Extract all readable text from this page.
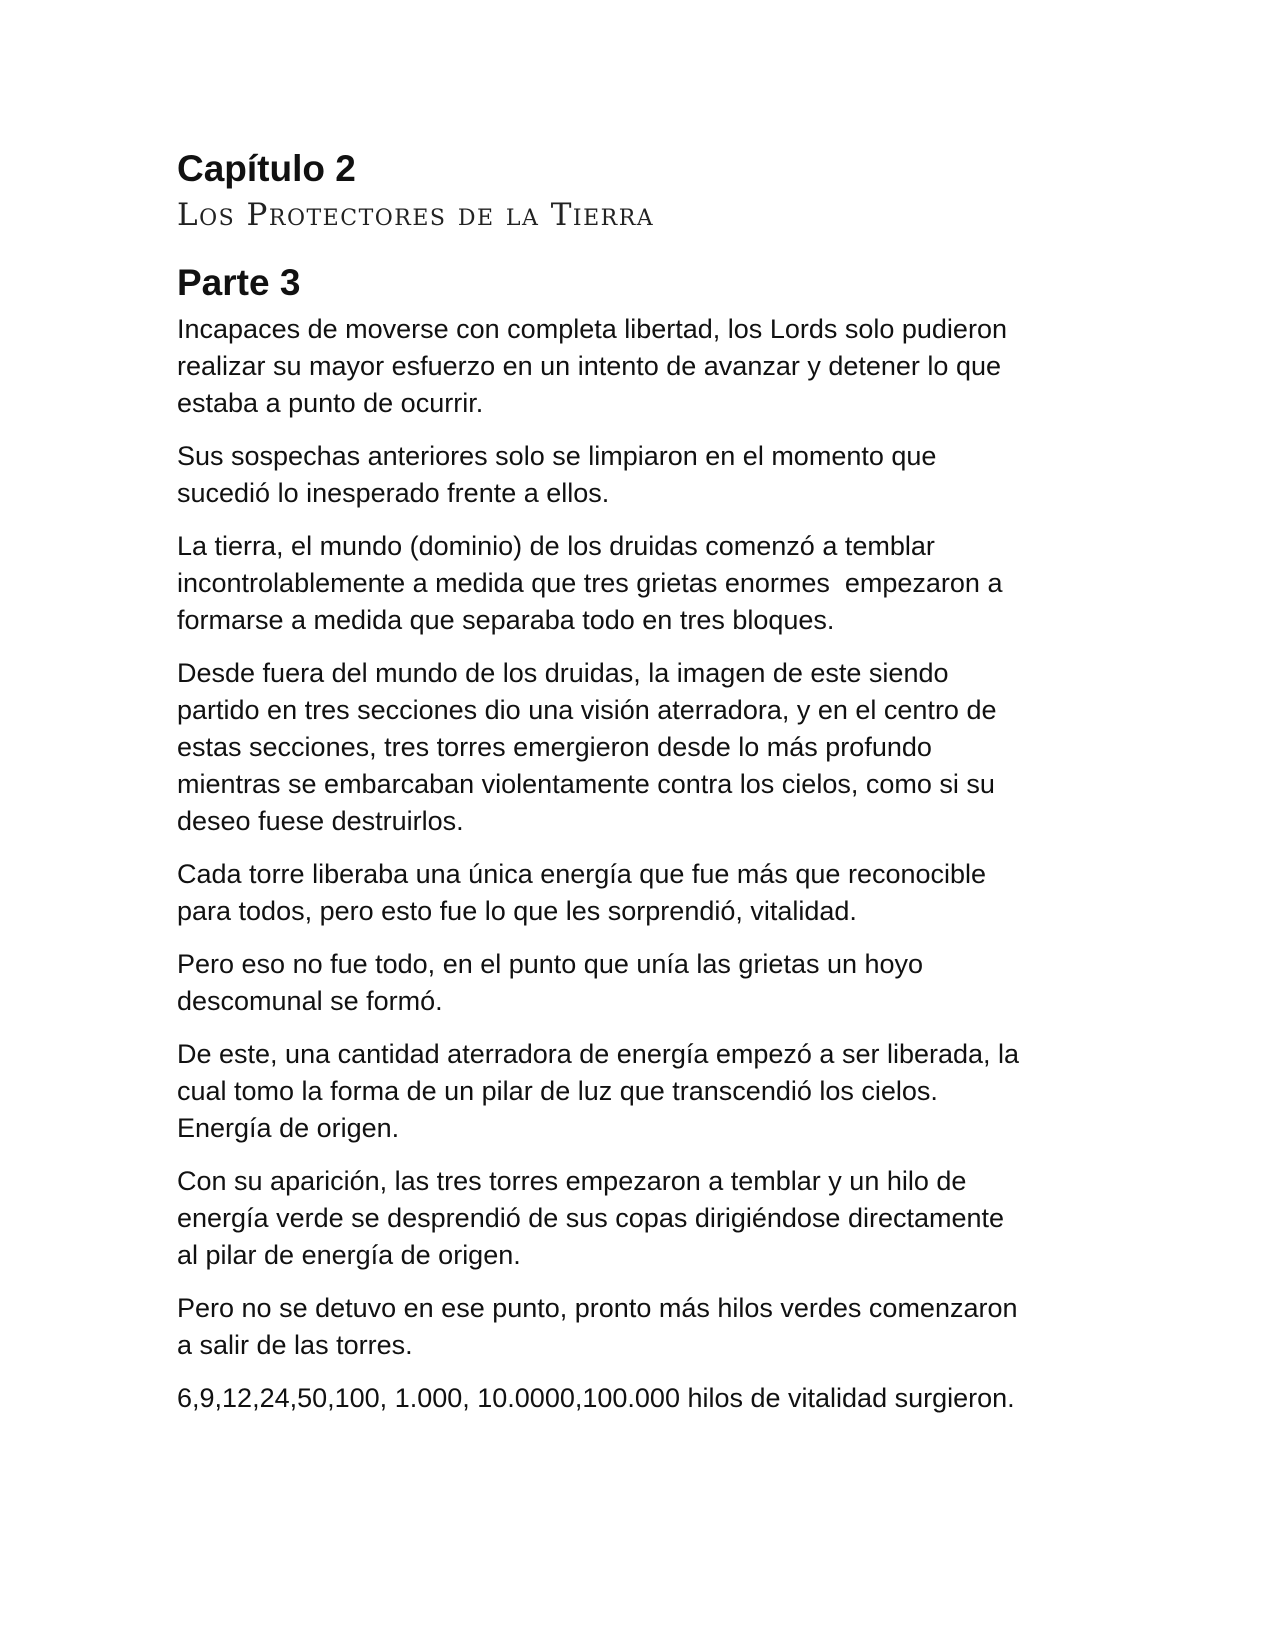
Capítulo 2
Los Protectores de la Tierra
Parte 3

Incapaces de moverse con completa libertad, los Lords solo pudieron
realizar su mayor esfuerzo en un intento de avanzar y detener lo que
estaba a punto de ocurrir.

Sus sospechas anteriores solo se limpiaron en el momento que
sucedió lo inesperado frente a ellos.

La tierra, el mundo (dominio) de los druidas comenzó a temblar
incontrolablemente a medida que tres grietas enormes  empezaron a
formarse a medida que separaba todo en tres bloques.

Desde fuera del mundo de los druidas, la imagen de este siendo
partido en tres secciones dio una visión aterradora, y en el centro de
estas secciones, tres torres emergieron desde lo más profundo
mientras se embarcaban violentamente contra los cielos, como si su
deseo fuese destruirlos.

Cada torre liberaba una única energía que fue más que reconocible
para todos, pero esto fue lo que les sorprendió, vitalidad.

Pero eso no fue todo, en el punto que unía las grietas un hoyo
descomunal se formó.

De este, una cantidad aterradora de energía empezó a ser liberada, la
cual tomo la forma de un pilar de luz que transcendió los cielos.
Energía de origen.

Con su aparición, las tres torres empezaron a temblar y un hilo de
energía verde se desprendió de sus copas dirigiéndose directamente
al pilar de energía de origen.

Pero no se detuvo en ese punto, pronto más hilos verdes comenzaron
a salir de las torres.

6,9,12,24,50,100, 1.000, 10.0000,100.000 hilos de vitalidad surgieron.
